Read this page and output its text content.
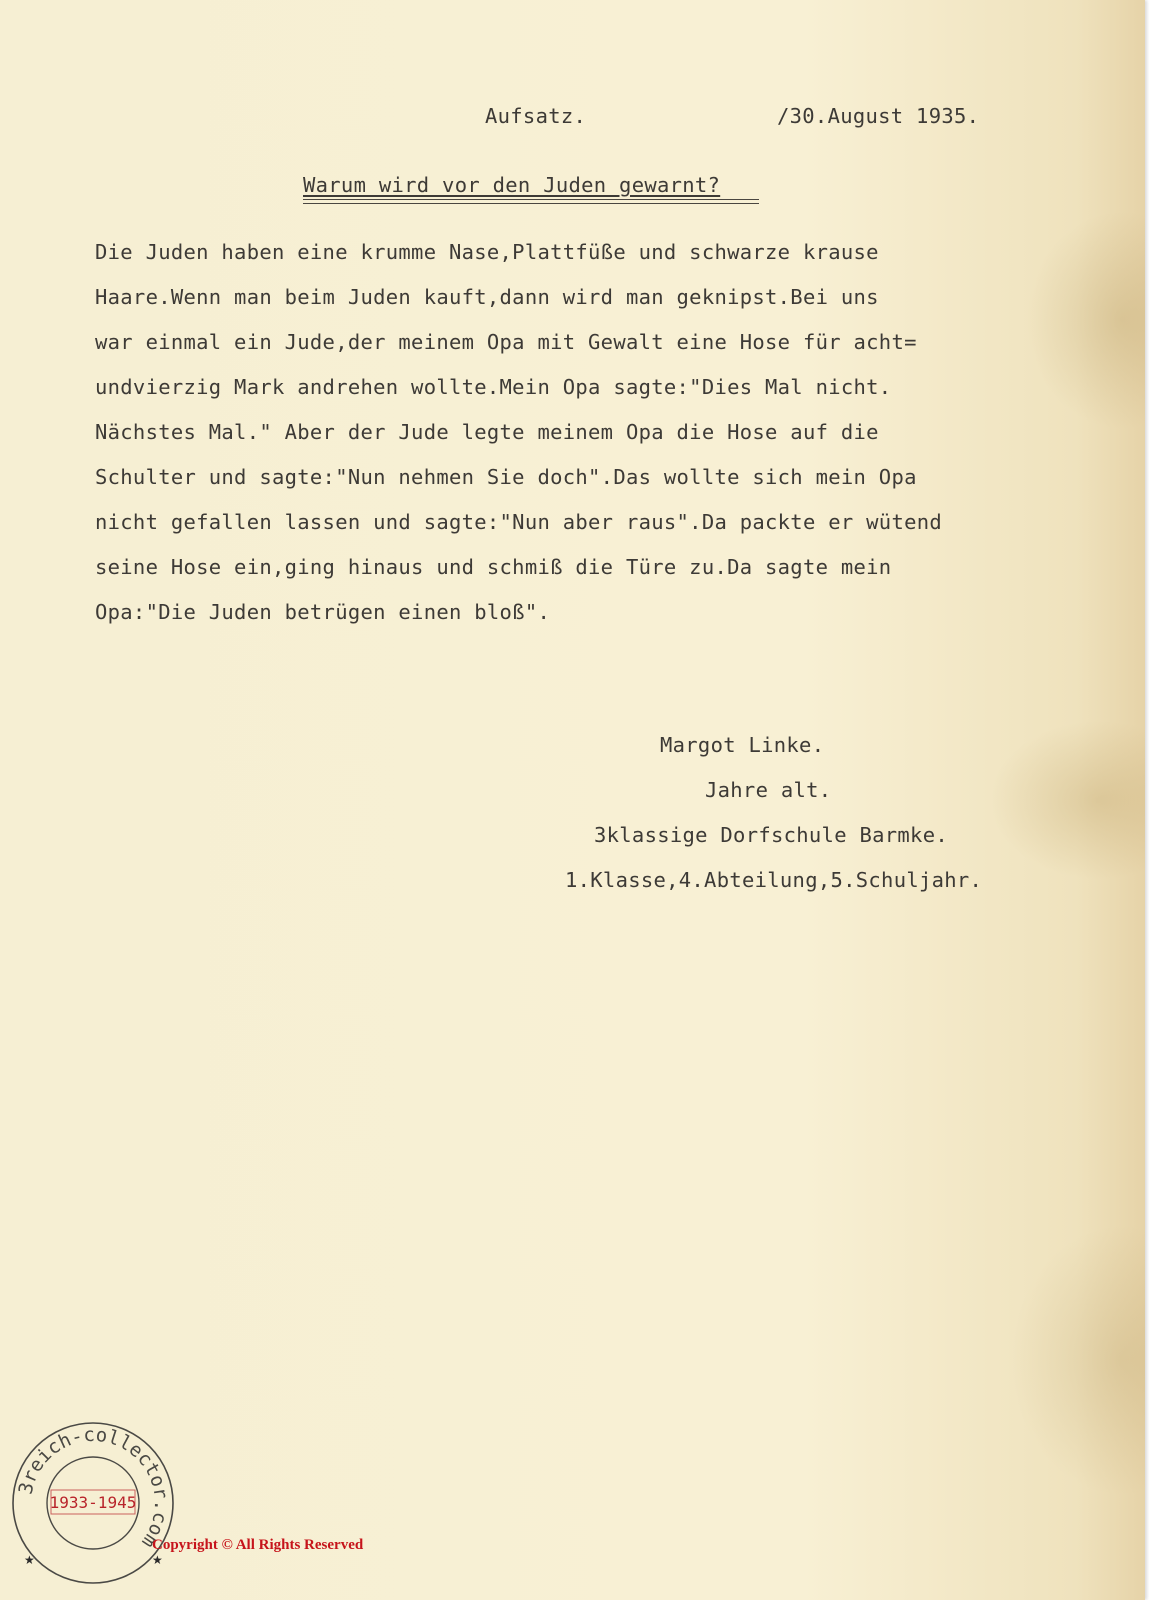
Aufsatz.	/30.August 1935.
Warum wird vor den Juden gewarnt?
Die Juden haben eine krumme Nase,Plattfüße und schwarze krause
Haare.Wenn man beim Juden kauft,dann wird man geknipst.Bei uns
war einmal ein Jude,der meinem Opa mit Gewalt eine Hose für acht=
undvierzig Mark andrehen wollte.Mein Opa sagte:"Dies Mal nicht.
Nächstes Mal." Aber der Jude legte meinem Opa die Hose auf die
Schulter und sagte:"Nun nehmen Sie doch".Das wollte sich mein Opa
nicht gefallen lassen und sagte:"Nun aber raus".Da packte er wütend
seine Hose ein,ging hinaus und schmiß die Türe zu.Da sagte mein
Opa:"Die Juden betrügen einen bloß".
Margot Linke.
Jahre alt.
3klassige Dorfschule Barmke.
1.Klasse,4.Abteilung,5.Schuljahr.
3reich-collector.com
1933-1945
★	★
Copyright © All Rights Reserved
